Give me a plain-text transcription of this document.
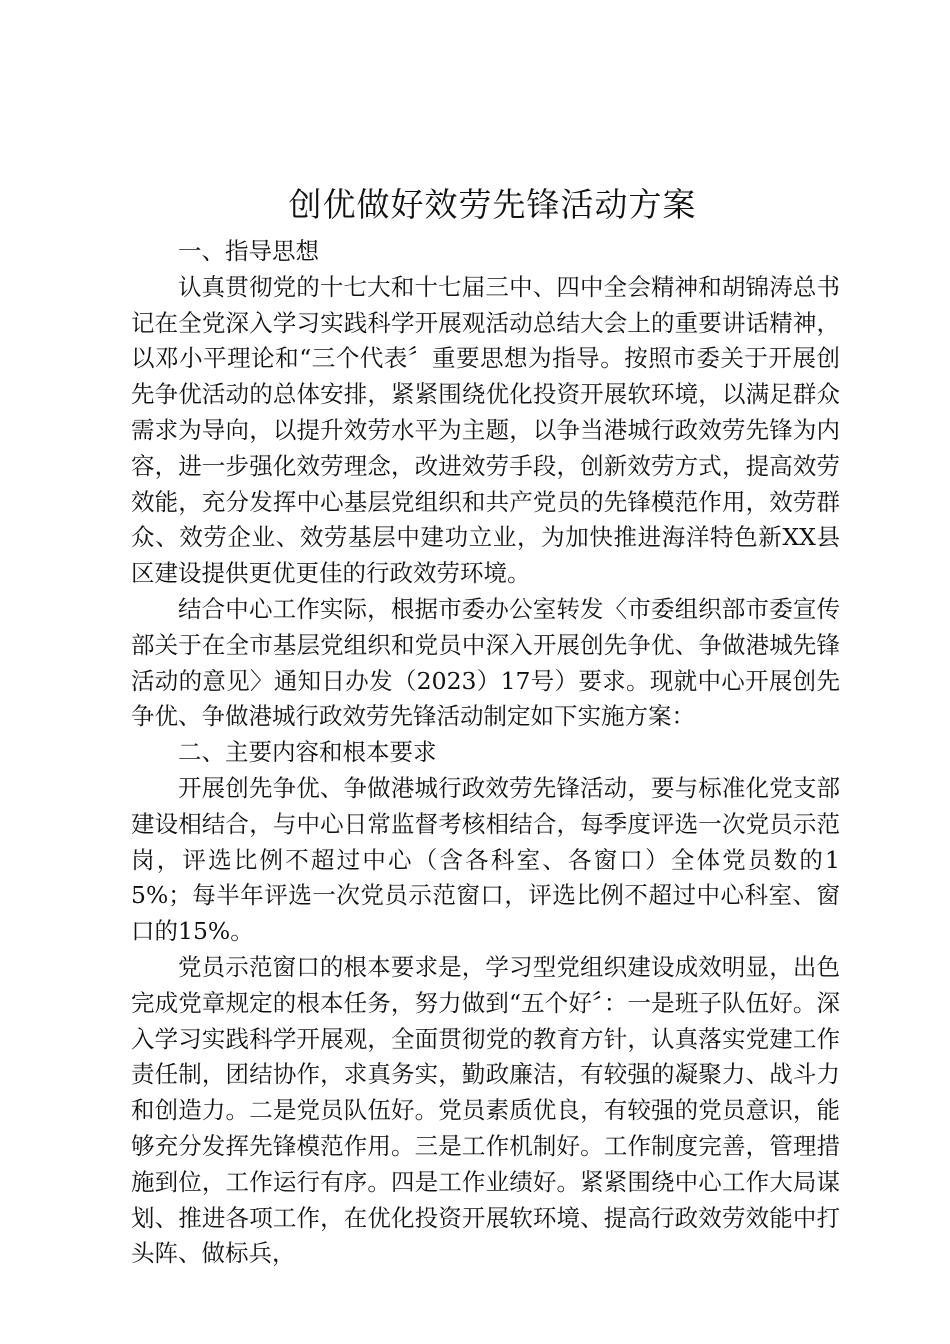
创优做好效劳先锋活动方案

一、指导思想

认真贯彻党的十七大和十七届三中、四中全会精神和胡锦涛总书记在全党深入学习实践科学开展观活动总结大会上的重要讲话精神，以邓小平理论和“三个代表〞重要思想为指导。按照市委关于开展创先争优活动的总体安排，紧紧围绕优化投资开展软环境，以满足群众需求为导向，以提升效劳水平为主题，以争当港城行政效劳先锋为内容，进一步强化效劳理念，改进效劳手段，创新效劳方式，提高效劳效能，充分发挥中心基层党组织和共产党员的先锋模范作用，效劳群众、效劳企业、效劳基层中建功立业，为加快推进海洋特色新XX县区建设提供更优更佳的行政效劳环境。

结合中心工作实际，根据市委办公室转发〈市委组织部市委宣传部关于在全市基层党组织和党员中深入开展创先争优、争做港城先锋活动的意见〉通知日办发（2023）17号）要求。现就中心开展创先争优、争做港城行政效劳先锋活动制定如下实施方案：

二、主要内容和根本要求

开展创先争优、争做港城行政效劳先锋活动，要与标准化党支部建设相结合，与中心日常监督考核相结合，每季度评选一次党员示范岗，评选比例不超过中心（含各科室、各窗口）全体党员数的15%；每半年评选一次党员示范窗口，评选比例不超过中心科室、窗口的15%。

党员示范窗口的根本要求是，学习型党组织建设成效明显，出色完成党章规定的根本任务，努力做到“五个好〞：一是班子队伍好。深入学习实践科学开展观，全面贯彻党的教育方针，认真落实党建工作责任制，团结协作，求真务实，勤政廉洁，有较强的凝聚力、战斗力和创造力。二是党员队伍好。党员素质优良，有较强的党员意识，能够充分发挥先锋模范作用。三是工作机制好。工作制度完善，管理措施到位，工作运行有序。四是工作业绩好。紧紧围绕中心工作大局谋划、推进各项工作，在优化投资开展软环境、提高行政效劳效能中打头阵、做标兵，
